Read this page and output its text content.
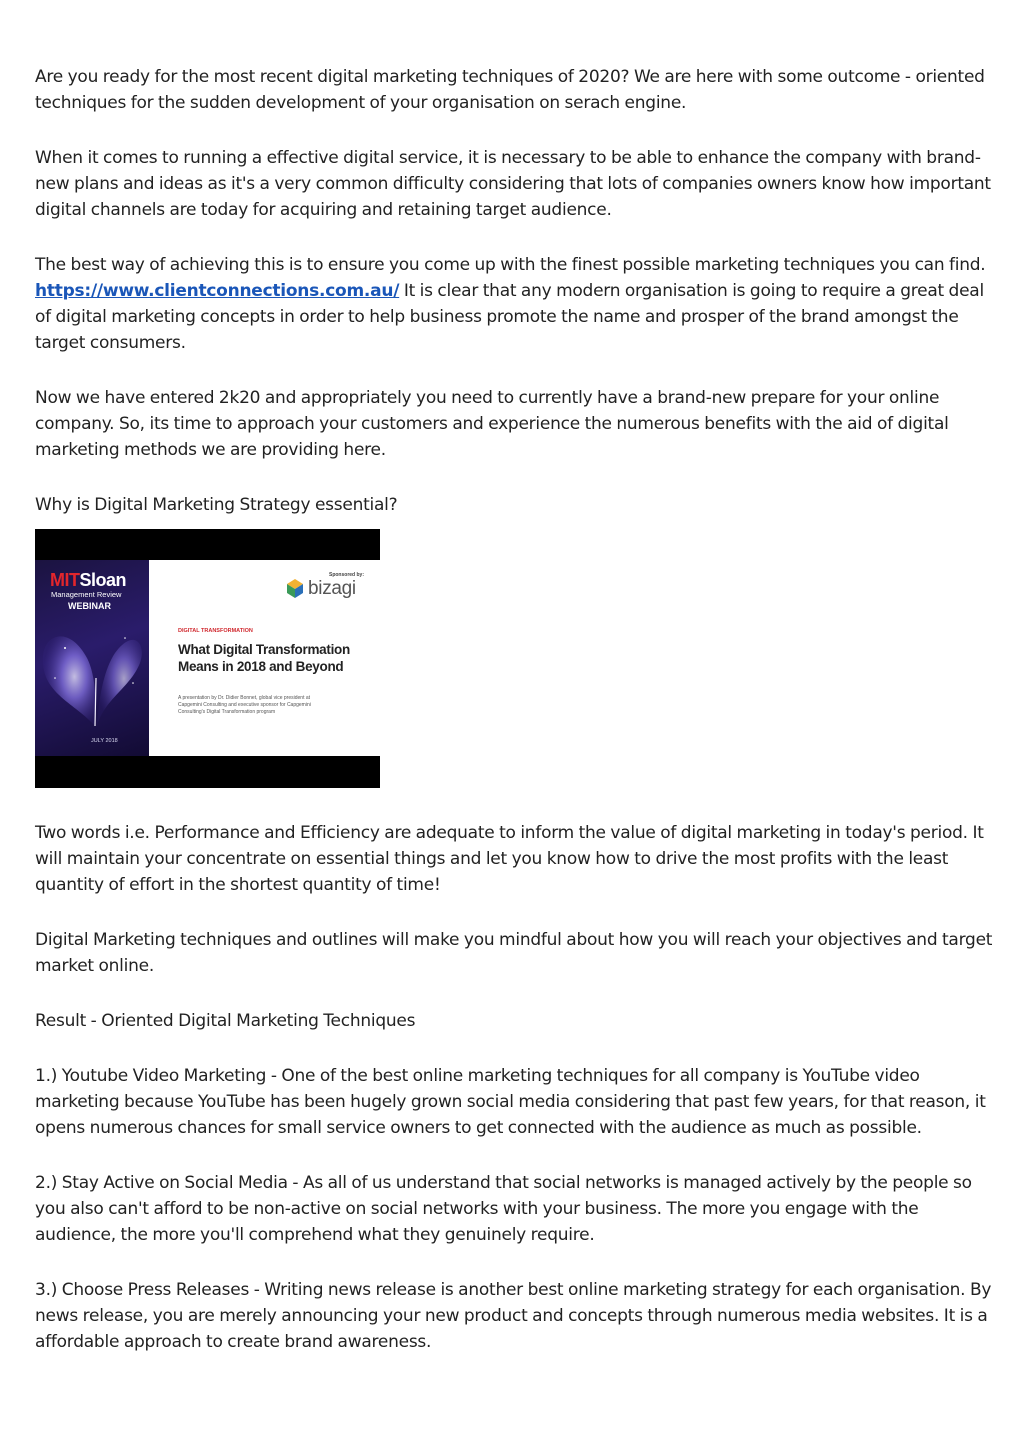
Are you ready for the most recent digital marketing techniques of 2020? We are here with some outcome - oriented techniques for the sudden development of your organisation on serach engine.

When it comes to running a effective digital service, it is necessary to be able to enhance the company with brand-new plans and ideas as it's a very common difficulty considering that lots of companies owners know how important digital channels are today for acquiring and retaining target audience.

The best way of achieving this is to ensure you come up with the finest possible marketing techniques you can find. https://www.clientconnections.com.au/ It is clear that any modern organisation is going to require a great deal of digital marketing concepts in order to help business promote the name and prosper of the brand amongst the target consumers.

Now we have entered 2k20 and appropriately you need to currently have a brand-new prepare for your online company. So, its time to approach your customers and experience the numerous benefits with the aid of digital marketing methods we are providing here.

Why is Digital Marketing Strategy essential?

MITSloan
Management Review
WEBINAR
JULY 2018
Sponsored by:
bizagi
DIGITAL TRANSFORMATION
What Digital Transformation Means in 2018 and Beyond
A presentation by Dr. Didier Bonnet, global vice president at Capgemini Consulting and executive sponsor for Capgemini Consulting's Digital Transformation program

Two words i.e. Performance and Efficiency are adequate to inform the value of digital marketing in today's period. It will maintain your concentrate on essential things and let you know how to drive the most profits with the least quantity of effort in the shortest quantity of time!

Digital Marketing techniques and outlines will make you mindful about how you will reach your objectives and target market online.

Result - Oriented Digital Marketing Techniques

1.) Youtube Video Marketing - One of the best online marketing techniques for all company is YouTube video marketing because YouTube has been hugely grown social media considering that past few years, for that reason, it opens numerous chances for small service owners to get connected with the audience as much as possible.

2.) Stay Active on Social Media - As all of us understand that social networks is managed actively by the people so you also can't afford to be non-active on social networks with your business. The more you engage with the audience, the more you'll comprehend what they genuinely require.

3.) Choose Press Releases - Writing news release is another best online marketing strategy for each organisation. By news release, you are merely announcing your new product and concepts through numerous media websites. It is a affordable approach to create brand awareness.
